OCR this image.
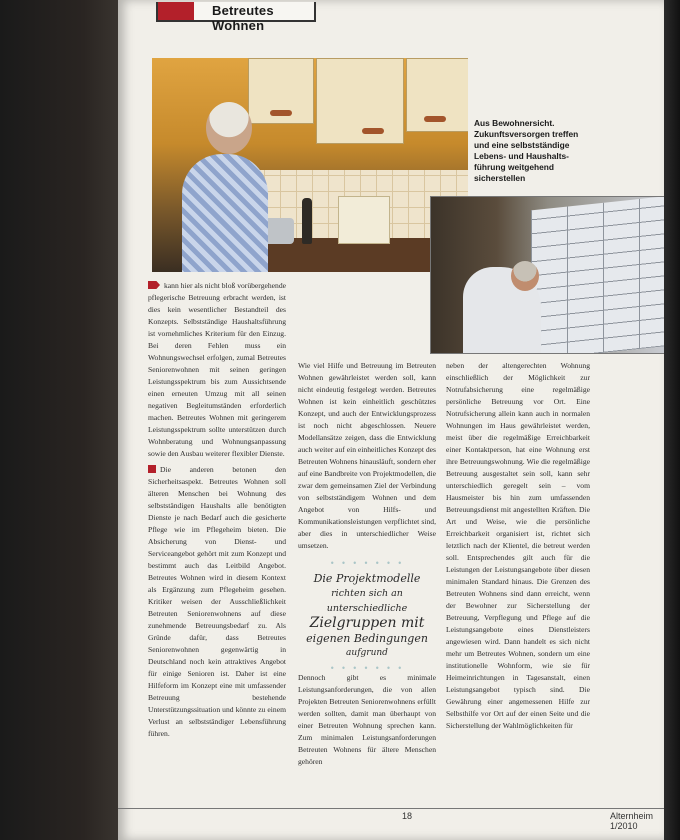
Betreutes Wohnen
Aus Bewohnersicht. Zukunftsversorgen treffen und eine selbstständige Lebens- und Haushalts- führung weitgehend sicherstellen

kann hier als nicht bloß vorübergehende pflegerische Betreuung erbracht werden, ist dies kein wesentlicher Bestandteil des Konzepts. Selbstständige Haushaltsführung ist vornehmliches Kriterium für den Einzug. Bei deren Fehlen muss ein Wohnungswechsel erfolgen, zumal Betreutes Seniorenwohnen mit seinen geringen Leistungsspektrum bis zum Aussichtsende einen erneuten Umzug mit all seinen negativen Begleitumständen erforderlich machen. Betreutes Wohnen mit geringerem Leistungsspektrum sollte unterstützen durch Wohnberatung und Wohnungsanpassung sowie den Ausbau weiterer flexibler Dienste.

Die anderen betonen den Sicherheitsaspekt. Betreutes Wohnen soll älteren Menschen bei Wohnung des selbstständigen Haushalts alle benötigten Dienste je nach Bedarf auch die gesicherte Pflege wie im Pflegeheim bieten. Die Absicherung von Dienst- und Serviceangebot gehört mit zum Konzept und bestimmt auch das Leitbild Angebot. Betreutes Wohnen wird in diesem Kontext als Ergänzung zum Pflegeheim gesehen. Kritiker weisen der Ausschließlichkeit Betreuten Seniorenwohnens auf diese zunehmende Betreuungsbedarf zu. Als Gründe dafür, dass Betreutes Seniorenwohnen gegenwärtig in Deutschland noch kein attraktives Angebot für einige Senioren ist. Daher ist eine Hilfeform im Konzept eine mit umfassender Betreuung bestehende Unterstützungssituation und könnte zu einem Verlust an selbstständiger Lebensführung führen.

Wie viel Hilfe und Betreuung im Betreuten Wohnen gewährleistet werden soll, kann nicht eindeutig festgelegt werden. Betreutes Wohnen ist kein einheitlich geschütztes Konzept, und auch der Entwicklungsprozess ist noch nicht abgeschlossen. Neuere Modellansätze zeigen, dass die Entwicklung auch weiter auf ein einheitliches Konzept des Betreuten Wohnens hinausläuft, sondern eher auf eine Bandbreite von Projektmodellen, die zwar dem gemeinsamen Ziel der Verbindung von selbstständigem Wohnen und dem Angebot von Hilfs- und Kommunikationsleistungen verpflichtet sind, aber dies in unterschiedlicher Weise umsetzen.

• • • • • • •
Die Projektmodelle
richten sich an unterschiedliche
Zielgruppen mit
eigenen Bedingungen
aufgrund
• • • • • • •

Dennoch gibt es minimale Leistungsanforderungen, die von allen Projekten Betreuten Seniorenwohnens erfüllt werden sollten, damit man überhaupt von einer Betreuten Wohnung sprechen kann. Zum minimalen Leistungsanforderungen Betreuten Wohnens für ältere Menschen gehören

neben der altengerechten Wohnung einschließlich der Möglichkeit zur Notrufabsicherung eine regelmäßige persönliche Betreuung vor Ort. Eine Notrufsicherung allein kann auch in normalen Wohnungen im Haus gewährleistet werden, meist über die regelmäßige Erreichbarkeit einer Kontaktperson, hat eine Wohnung erst ihre Betreuungswohnung. Wie die regelmäßige Betreuung ausgestaltet sein soll, kann sehr unterschiedlich geregelt sein – vom Hausmeister bis hin zum umfassenden Betreuungsdienst mit angestellten Kräften. Die Art und Weise, wie die persönliche Erreichbarkeit organisiert ist, richtet sich letztlich nach der Klientel, die betreut werden soll. Entsprechendes gilt auch für die Leistungen der Leistungsangebote über diesen minimalen Standard hinaus. Die Grenzen des Betreuten Wohnens sind dann erreicht, wenn der Bewohner zur Sicherstellung der Betreuung, Verpflegung und Pflege auf die Leistungsangebote eines Dienstleisters angewiesen wird. Dann handelt es sich nicht mehr um Betreutes Wohnen, sondern um eine institutionelle Wohnform, wie sie für Heimeinrichtungen in Tagesanstalt, einen Leistungsangebot typisch sind. Die Gewährung einer angemessenen Hilfe zur Selbsthilfe vor Ort auf der einen Seite und die Sicherstellung der Wahlmöglichkeiten für

18	Alternheim 1/2010
